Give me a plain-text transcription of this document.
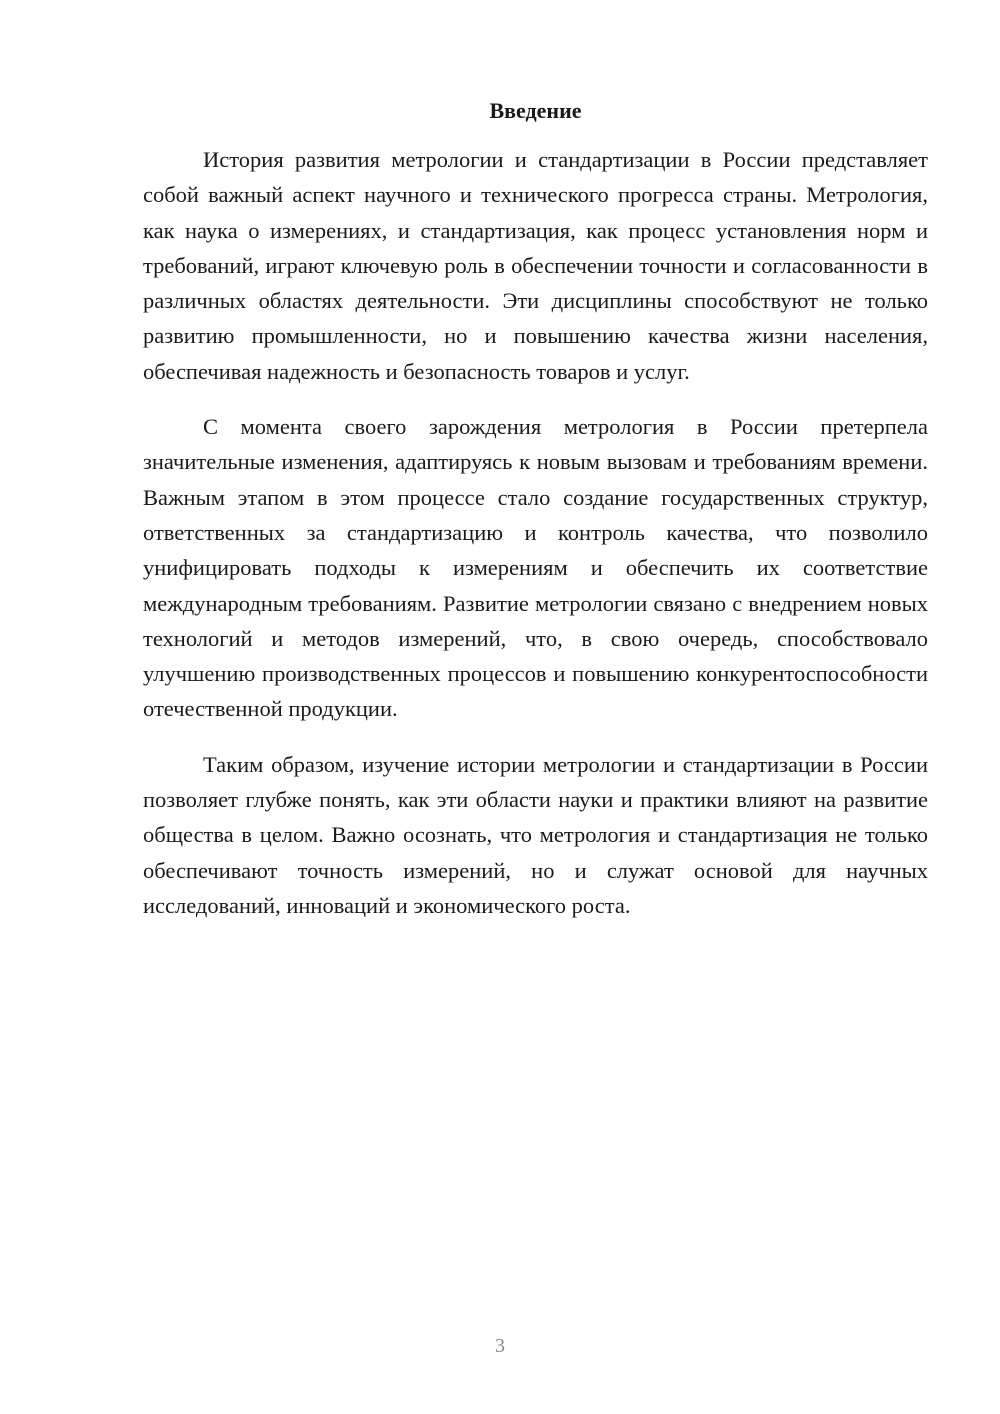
Введение

История развития метрологии и стандартизации в России представляет собой важный аспект научного и технического прогресса страны. Метрология, как наука о измерениях, и стандартизация, как процесс установления норм и требований, играют ключевую роль в обеспечении точности и согласованности в различных областях деятельности. Эти дисциплины способствуют не только развитию промышленности, но и повышению качества жизни населения, обеспечивая надежность и безопасность товаров и услуг.

С момента своего зарождения метрология в России претерпела значительные изменения, адаптируясь к новым вызовам и требованиям времени. Важным этапом в этом процессе стало создание государственных структур, ответственных за стандартизацию и контроль качества, что позволило унифицировать подходы к измерениям и обеспечить их соответствие международным требованиям. Развитие метрологии связано с внедрением новых технологий и методов измерений, что, в свою очередь, способствовало улучшению производственных процессов и повышению конкурентоспособности отечественной продукции.

Таким образом, изучение истории метрологии и стандартизации в России позволяет глубже понять, как эти области науки и практики влияют на развитие общества в целом. Важно осознать, что метрология и стандартизация не только обеспечивают точность измерений, но и служат основой для научных исследований, инноваций и экономического роста.

3
